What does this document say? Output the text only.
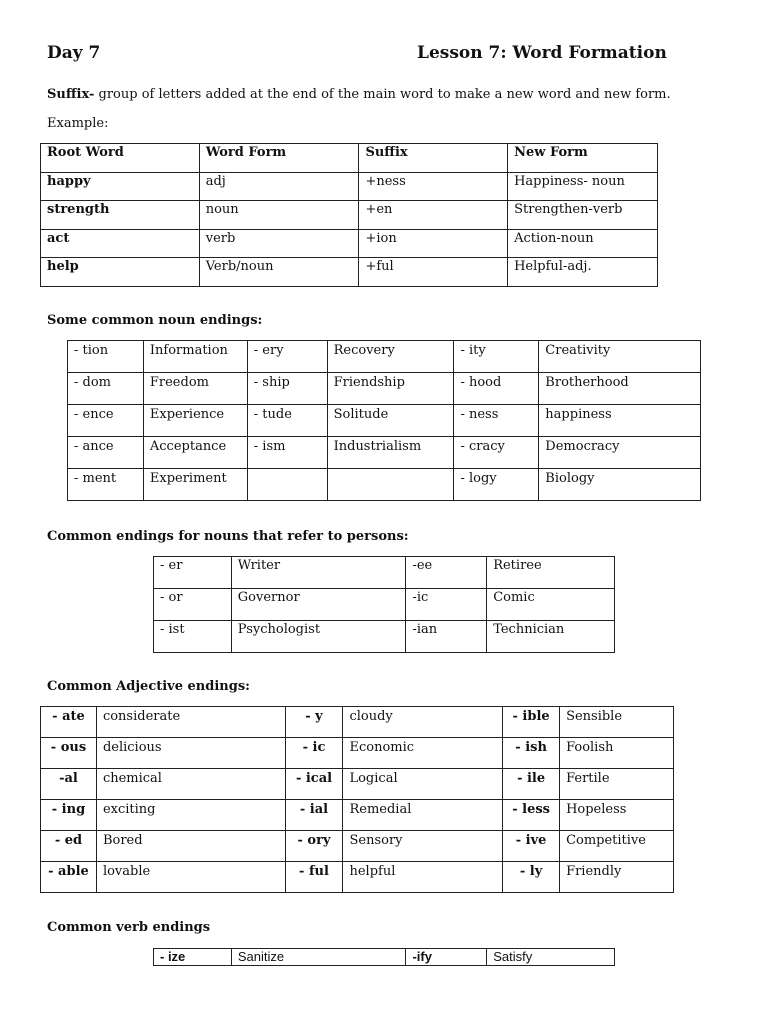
Day 7	Lesson 7: Word Formation
Suffix- group of letters added at the end of the main word to make a new word and new form.
Example:
Root Word	Word Form	Suffix	New Form
happy	adj	+ness	Happiness- noun
strength	noun	+en	Strengthen-verb
act	verb	+ion	Action-noun
help	Verb/noun	+ful	Helpful-adj.
Some common noun endings:
- tion	Information	- ery	Recovery	- ity	Creativity
- dom	Freedom	- ship	Friendship	- hood	Brotherhood
- ence	Experience	- tude	Solitude	- ness	happiness
- ance	Acceptance	- ism	Industrialism	- cracy	Democracy
- ment	Experiment			- logy	Biology
Common endings for nouns that refer to persons:
- er	Writer	-ee	Retiree
- or	Governor	-ic	Comic
- ist	Psychologist	-ian	Technician
Common Adjective endings:
- ate	considerate	- y	cloudy	- ible	Sensible
- ous	delicious	- ic	Economic	- ish	Foolish
-al	chemical	- ical	Logical	- ile	Fertile
- ing	exciting	- ial	Remedial	- less	Hopeless
- ed	Bored	- ory	Sensory	- ive	Competitive
- able	lovable	- ful	helpful	- ly	Friendly
Common verb endings
- ize	Sanitize	-ify	Satisfy
